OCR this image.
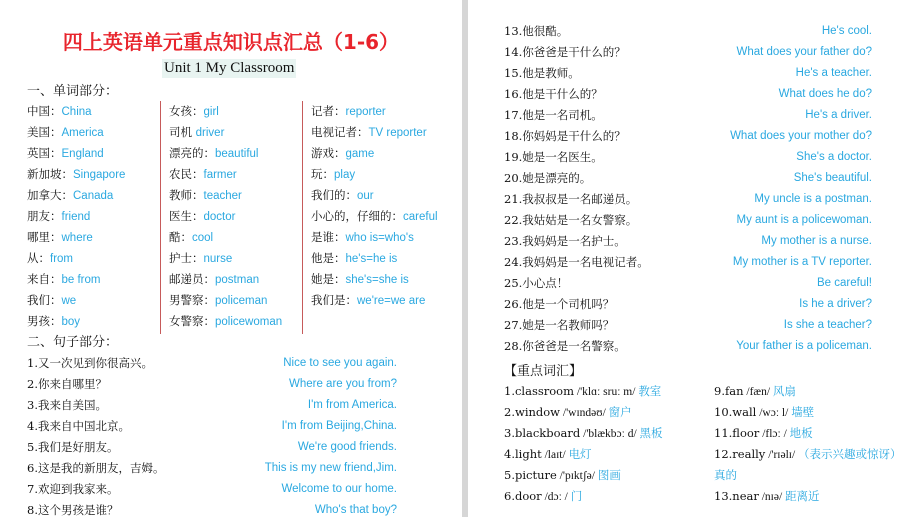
四上英语单元重点知识点汇总（1-6）
Unit 1 My Classroom
一、单词部分：
中国：China
美国：America
英国：England
新加坡：Singapore
加拿大：Canada
朋友：friend
哪里：where
从：from
来自：be from
我们：we
男孩：boy
女孩：girl
司机 driver
漂亮的：beautiful
农民：farmer
教师：teacher
医生：doctor
酷：cool
护士：nurse
邮递员：postman
男警察：policeman
女警察：policewoman
记者：reporter
电视记者：TV reporter
游戏：game
玩：play
我们的：our
小心的，仔细的：careful
是谁：who is=who's
他是：he's=he is
她是：she's=she is
我们是：we're=we are
二、句子部分：
1.又一次见到你很高兴。	Nice to see you again.
2.你来自哪里？	Where are you from?
3.我来自美国。	I'm from America.
4.我来自中国北京。	I'm from Beijing,China.
5.我们是好朋友。	We're good friends.
6.这是我的新朋友，吉姆。	This is my new friend,Jim.
7.欢迎到我家来。	Welcome to our home.
8.这个男孩是谁？	Who's that boy?
13.他很酷。	He's cool.
14.你爸爸是干什么的？	What does your father do?
15.他是教师。	He's a teacher.
16.他是干什么的？	What does he do?
17.他是一名司机。	He's a driver.
18.你妈妈是干什么的？	What does your mother do?
19.她是一名医生。	She's a doctor.
20.她是漂亮的。	She's beautiful.
21.我叔叔是一名邮递员。	My uncle is a postman.
22.我姑姑是一名女警察。	My aunt is a policewoman.
23.我妈妈是一名护士。	My mother is a nurse.
24.我妈妈是一名电视记者。	My mother is a TV reporter.
25.小心点！	Be careful!
26.他是一个司机吗？	Is he a driver?
27.她是一名教师吗？	Is she a teacher?
28.你爸爸是一名警察。	Your father is a policeman.
【重点词汇】
1.classroom /'klɑː sruː m/ 教室
2.window /'wɪndəʊ/ 窗户
3.blackboard /'blækbɔː d/ 黑板
4.light /laɪt/ 电灯
5.picture /'pɪktʃə/ 图画
6.door /dɔː / 门
9.fan /fæn/ 风扇
10.wall /wɔː l/ 墙壁
11.floor /flɔː / 地板
12.really /'rɪəlɪ/ （表示兴趣或惊讶）
真的
13.near /nɪə/ 距离近
